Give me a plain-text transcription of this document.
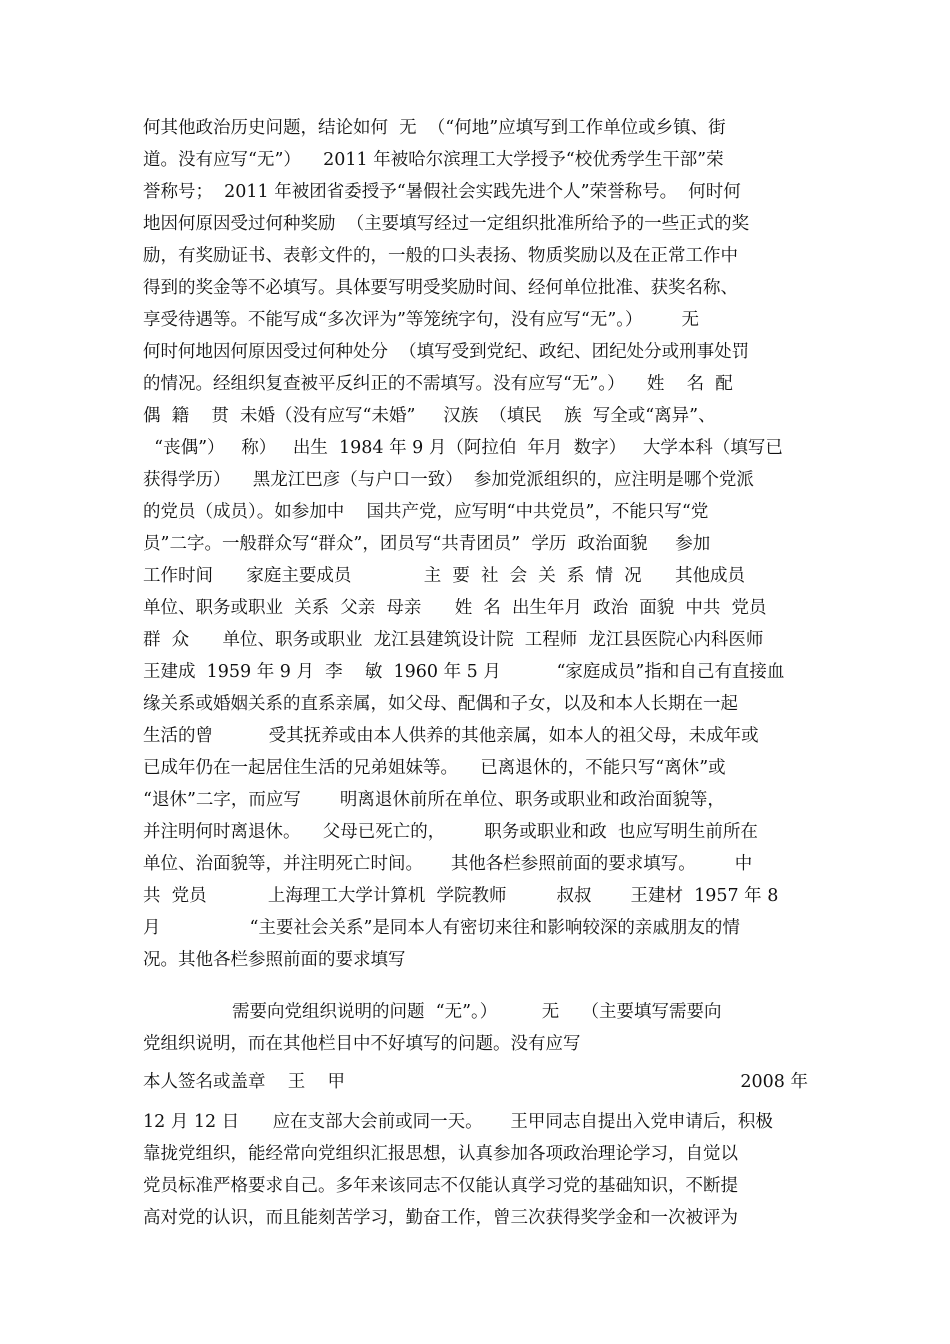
何其他政治历史问题，结论如何  无  （“何地”应填写到工作单位或乡镇、街
道。没有应写“无”）    2011 年被哈尔滨理工大学授予“校优秀学生干部”荣
誉称号；  2011 年被团省委授予“暑假社会实践先进个人”荣誉称号。  何时何
地因何原因受过何种奖励  （主要填写经过一定组织批准所给予的一些正式的奖
励，有奖励证书、表彰文件的，一般的口头表扬、物质奖励以及在正常工作中
得到的奖金等不必填写。具体要写明受奖励时间、经何单位批准、获奖名称、
享受待遇等。不能写成“多次评为”等笼统字句，没有应写“无”。）       无
何时何地因何原因受过何种处分  （填写受到党纪、政纪、团纪处分或刑事处罚
的情况。经组织复查被平反纠正的不需填写。没有应写“无”。）    姓    名  配
偶  籍    贯  未婚（没有应写“未婚”     汉族  （填民    族  写全或“离异”、
“丧偶”）   称）   出生  1984 年 9 月（阿拉伯  年月  数字）   大学本科（填写已
获得学历）    黑龙江巴彦（与户口一致）  参加党派组织的，应注明是哪个党派
的党员（成员）。如参加中    国共产党，应写明“中共党员”，不能只写“党
员”二字。一般群众写“群众”，团员写“共青团员”  学历  政治面貌     参加
工作时间      家庭主要成员             主  要  社  会  关  系  情  况      其他成员
单位、职务或职业  关系  父亲  母亲      姓  名  出生年月  政治  面貌  中共  党员
群  众      单位、职务或职业  龙江县建筑设计院  工程师  龙江县医院心内科医师
王建成  1959 年 9 月  李    敏  1960 年 5 月          “家庭成员”指和自己有直接血
缘关系或婚姻关系的直系亲属，如父母、配偶和子女，以及和本人长期在一起
生活的曾          受其抚养或由本人供养的其他亲属，如本人的祖父母，未成年或
已成年仍在一起居住生活的兄弟姐妹等。    已离退休的，不能只写“离休”或
“退休”二字，而应写       明离退休前所在单位、职务或职业和政治面貌等，
并注明何时离退休。    父母已死亡的，       职务或职业和政  也应写明生前所在
单位、治面貌等，并注明死亡时间。     其他各栏参照前面的要求填写。       中
共  党员           上海理工大学计算机  学院教师         叔叔       王建材  1957 年 8
月                “主要社会关系”是同本人有密切来往和影响较深的亲戚朋友的情
况。其他各栏参照前面的要求填写
需要向党组织说明的问题  “无”。）        无    （主要填写需要向
党组织说明，而在其他栏目中不好填写的问题。没有应写
本人签名或盖章    王    甲	2008 年
12 月 12 日      应在支部大会前或同一天。     王甲同志自提出入党申请后，积极
靠拢党组织，能经常向党组织汇报思想，认真参加各项政治理论学习，自觉以
党员标准严格要求自己。多年来该同志不仅能认真学习党的基础知识，不断提
高对党的认识，而且能刻苦学习，勤奋工作，曾三次获得奖学金和一次被评为
